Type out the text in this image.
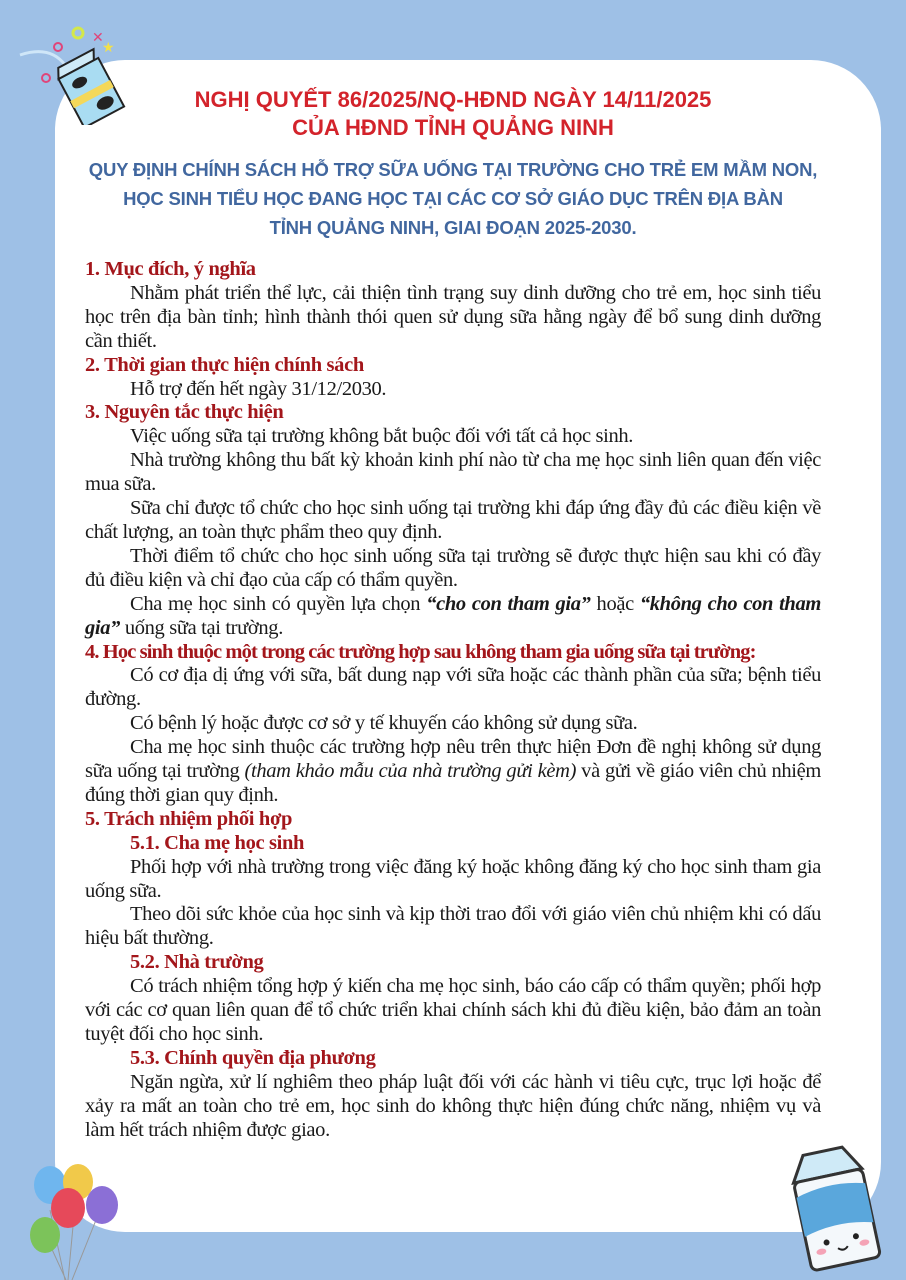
✕
★
NGHỊ QUYẾT 86/2025/NQ-HĐND NGÀY 14/11/2025
CỦA HĐND TỈNH QUẢNG NINH
QUY ĐỊNH CHÍNH SÁCH HỖ TRỢ SỮA UỐNG TẠI TRƯỜNG CHO TRẺ EM MẦM NON,
HỌC SINH TIỂU HỌC ĐANG HỌC TẠI CÁC CƠ SỞ GIÁO DỤC TRÊN ĐỊA BÀN
TỈNH QUẢNG NINH, GIAI ĐOẠN 2025-2030.
1. Mục đích, ý nghĩa
Nhằm phát triển thể lực, cải thiện tình trạng suy dinh dưỡng cho trẻ em, học sinh tiểu học trên địa bàn tỉnh; hình thành thói quen sử dụng sữa hằng ngày để bổ sung dinh dưỡng cần thiết.
2. Thời gian thực hiện chính sách
Hỗ trợ đến hết ngày 31/12/2030.
3. Nguyên tắc thực hiện
Việc uống sữa tại trường không bắt buộc đối với tất cả học sinh.
Nhà trường không thu bất kỳ khoản kinh phí nào từ cha mẹ học sinh liên quan đến việc mua sữa.
Sữa chỉ được tổ chức cho học sinh uống tại trường khi đáp ứng đầy đủ các điều kiện về chất lượng, an toàn thực phẩm theo quy định.
Thời điểm tổ chức cho học sinh uống sữa tại trường sẽ được thực hiện sau khi có đầy đủ điều kiện và chỉ đạo của cấp có thẩm quyền.
Cha mẹ học sinh có quyền lựa chọn “cho con tham gia” hoặc “không cho con tham gia” uống sữa tại trường.
4. Học sinh thuộc một trong các trường hợp sau không tham gia uống sữa tại trường:
Có cơ địa dị ứng với sữa, bất dung nạp với sữa hoặc các thành phần của sữa; bệnh tiểu đường.
Có bệnh lý hoặc được cơ sở y tế khuyến cáo không sử dụng sữa.
Cha mẹ học sinh thuộc các trường hợp nêu trên thực hiện Đơn đề nghị không sử dụng sữa uống tại trường (tham khảo mẫu của nhà trường gửi kèm) và gửi về giáo viên chủ nhiệm đúng thời gian quy định.
5. Trách nhiệm phối hợp
5.1. Cha mẹ học sinh
Phối hợp với nhà trường trong việc đăng ký hoặc không đăng ký cho học sinh tham gia uống sữa.
Theo dõi sức khỏe của học sinh và kịp thời trao đổi với giáo viên chủ nhiệm khi có dấu hiệu bất thường.
5.2. Nhà trường
Có trách nhiệm tổng hợp ý kiến cha mẹ học sinh, báo cáo cấp có thẩm quyền; phối hợp với các cơ quan liên quan để tổ chức triển khai chính sách khi đủ điều kiện, bảo đảm an toàn tuyệt đối cho học sinh.
5.3. Chính quyền địa phương
Ngăn ngừa, xử lí nghiêm theo pháp luật đối với các hành vi tiêu cực, trục lợi hoặc để xảy ra mất an toàn cho trẻ em, học sinh do không thực hiện đúng chức năng, nhiệm vụ và làm hết trách nhiệm được giao.
